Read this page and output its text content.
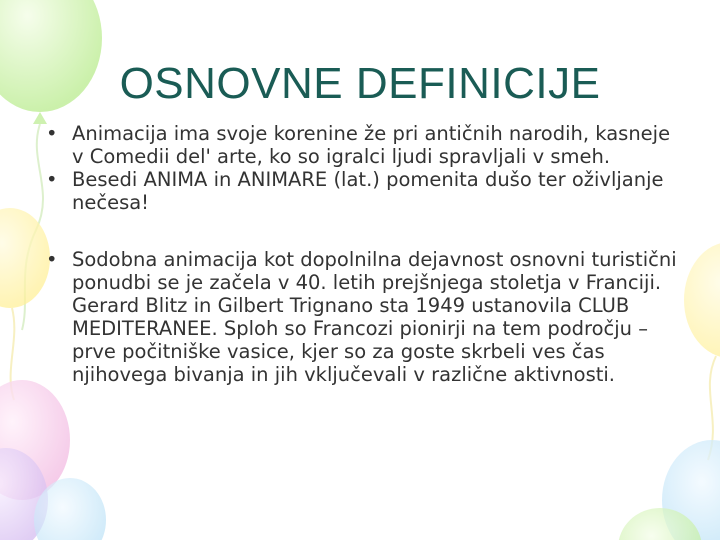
OSNOVNE DEFINICIJE
• Animacija ima svoje korenine že pri antičnih narodih, kasneje v Comedii del' arte, ko so igralci ljudi spravljali v smeh.
• Besedi ANIMA in ANIMARE (lat.) pomenita dušo ter oživljanje nečesa!
• Sodobna animacija kot dopolnilna dejavnost osnovni turistični ponudbi se je začela v 40. letih prejšnjega stoletja v Franciji. Gerard Blitz in Gilbert Trignano sta 1949 ustanovila CLUB MEDITERANEE. Sploh so Francozi pionirji na tem področju – prve počitniške vasice, kjer so za goste skrbeli ves čas njihovega bivanja in jih vključevali v različne aktivnosti.
